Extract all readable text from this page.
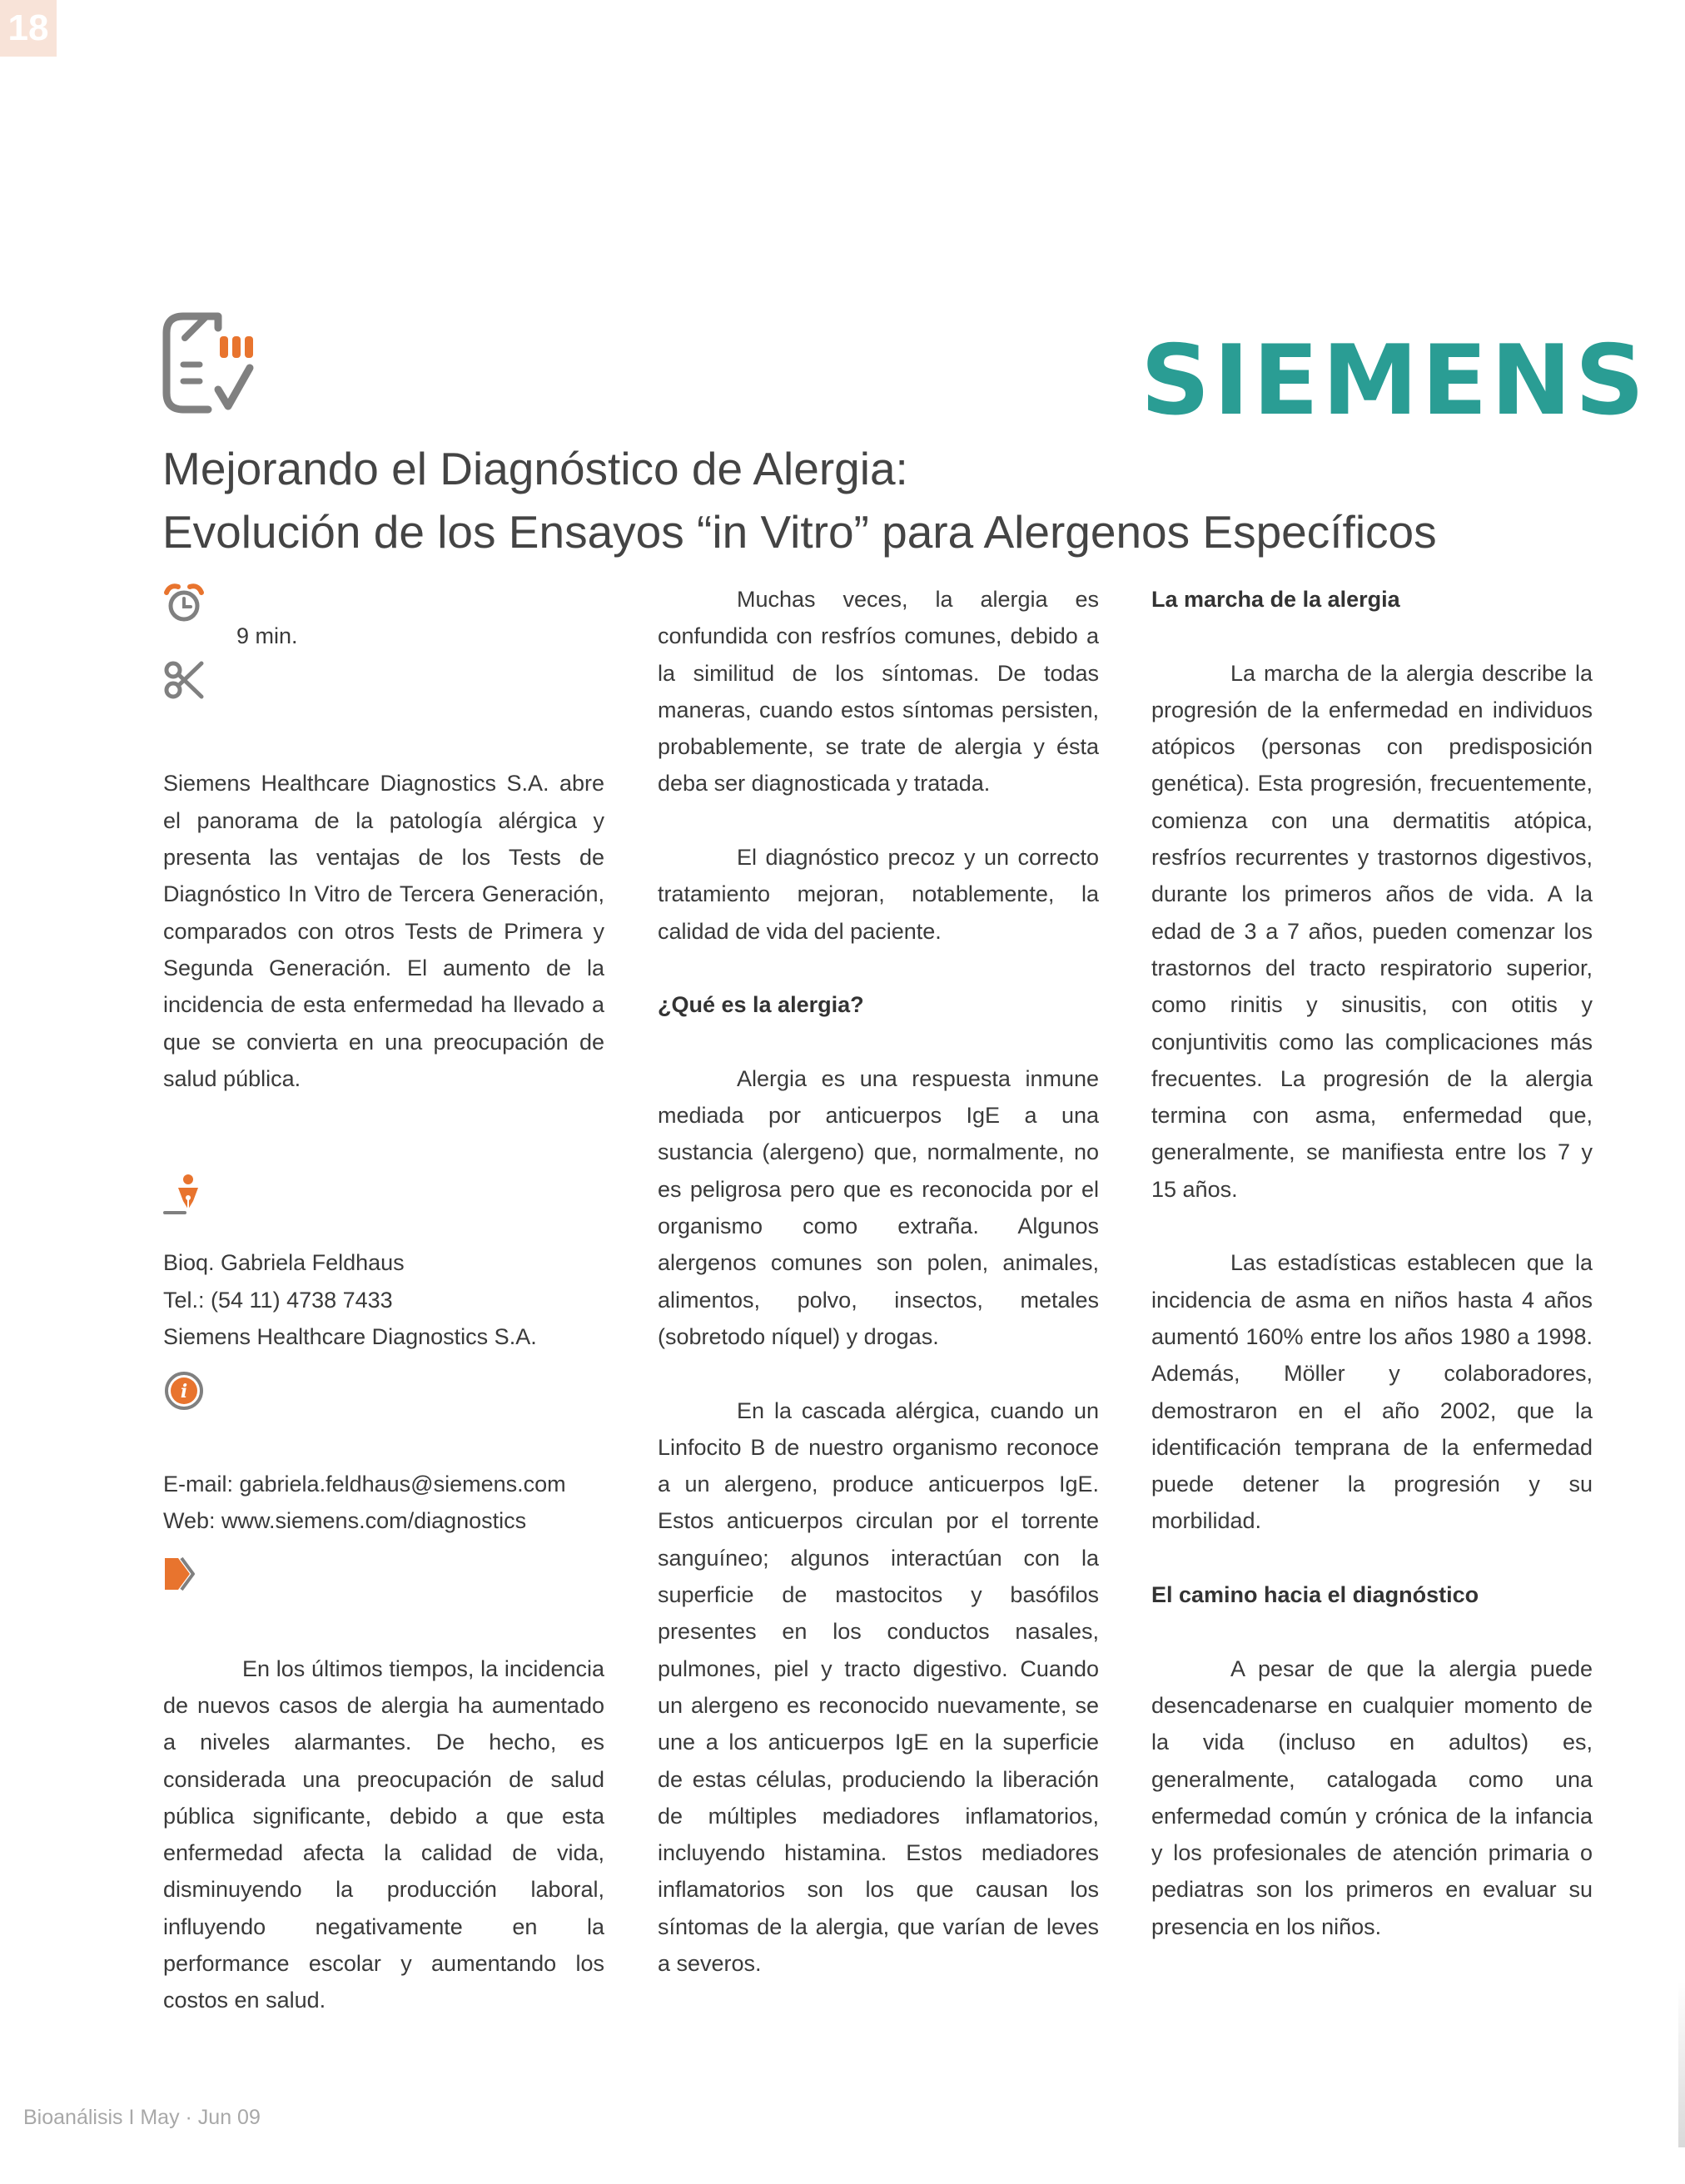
18
SIEMENS
Mejorando el Diagnóstico de Alergia:
Evolución de los Ensayos “in Vitro” para Alergenos Específicos
9 min.

Siemens Healthcare Diagnostics S.A. abre el panorama de la patología alérgica y presenta las ventajas de los Tests de Diagnóstico In Vitro de Tercera Generación, comparados con otros Tests de Primera y Segunda Generación. El aumento de la incidencia de esta enfermedad ha llevado a que se convierta en una preocupación de salud pública.

Bioq. Gabriela Feldhaus

Tel.: (54 11) 4738 7433

Siemens Healthcare Diagnostics S.A.

i

E-mail: gabriela.feldhaus@siemens.com

Web: www.siemens.com/diagnostics

En los últimos tiempos, la incidencia de nuevos casos de alergia ha aumentado a niveles alarmantes. De hecho, es considerada una preocupación de salud pública significante, debido a que esta enfermedad afecta la calidad de vida, disminuyendo la producción laboral, influyendo negativamente en la performance escolar y aumentando los costos en salud.

Muchas veces, la alergia es confundida con resfríos comunes, debido a la similitud de los síntomas. De todas maneras, cuando estos síntomas persisten, probablemente, se trate de alergia y ésta deba ser diagnosticada y tratada.

El diagnóstico precoz y un correcto tratamiento mejoran, notablemente, la calidad de vida del paciente.

¿Qué es la alergia?

Alergia es una respuesta inmune mediada por anticuerpos IgE a una sustancia (alergeno) que, normalmente, no es peligrosa pero que es reconocida por el organismo como extraña. Algunos alergenos comunes son polen, animales, alimentos, polvo, insectos, metales (sobretodo níquel) y drogas.

En la cascada alérgica, cuando un Linfocito B de nuestro organismo reconoce a un alergeno, produce anticuerpos IgE. Estos anticuerpos circulan por el torrente sanguíneo; algunos interactúan con la superficie de mastocitos y basófilos presentes en los conductos nasales, pulmones, piel y tracto digestivo. Cuando un alergeno es reconocido nuevamente, se une a los anticuerpos IgE en la superficie de estas células, produciendo la liberación de múltiples mediadores inflamatorios, incluyendo histamina. Estos mediadores inflamatorios son los que causan los síntomas de la alergia, que varían de leves a severos.

La marcha de la alergia

La marcha de la alergia describe la progresión de la enfermedad en individuos atópicos (personas con predisposición genética). Esta progresión, frecuentemente, comienza con una dermatitis atópica, resfríos recurrentes y trastornos digestivos, durante los primeros años de vida. A la edad de 3 a 7 años, pueden comenzar los trastornos del tracto respiratorio superior, como rinitis y sinusitis, con otitis y conjuntivitis como las complicaciones más frecuentes. La progresión de la alergia termina con asma, enfermedad que, generalmente, se manifiesta entre los 7 y 15 años.

Las estadísticas establecen que la incidencia de asma en niños hasta 4 años aumentó 160% entre los años 1980 a 1998. Además, Möller y colaboradores, demostraron en el año 2002, que la identificación temprana de la enfermedad puede detener la progresión y su morbilidad.

El camino hacia el diagnóstico

A pesar de que la alergia puede desencadenarse en cualquier momento de la vida (incluso en adultos) es, generalmente, catalogada como una enfermedad común y crónica de la infancia y los profesionales de atención primaria o pediatras son los primeros en evaluar su presencia en los niños.

Bioanálisis I May · Jun 09
